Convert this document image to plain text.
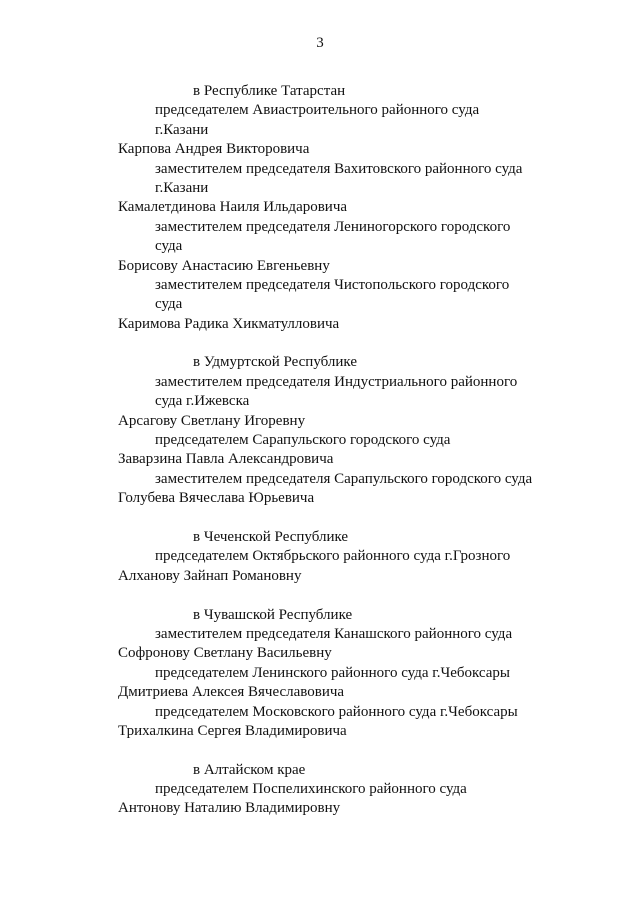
3
в Республике Татарстан
председателем Авиастроительного районного суда
г.Казани
Карпова Андрея Викторовича
заместителем председателя Вахитовского районного суда
г.Казани
Камалетдинова Наиля Ильдаровича
заместителем председателя Лениногорского городского
суда
Борисову Анастасию Евгеньевну
заместителем председателя Чистопольского городского
суда
Каримова Радика Хикматулловича
в Удмуртской Республике
заместителем председателя Индустриального районного
суда г.Ижевска
Арсагову Светлану Игоревну
председателем Сарапульского городского суда
Заварзина Павла Александровича
заместителем председателя Сарапульского городского суда
Голубева Вячеслава Юрьевича
в Чеченской Республике
председателем Октябрьского районного суда г.Грозного
Алханову Зайнап Романовну
в Чувашской Республике
заместителем председателя Канашского районного суда
Софронову Светлану Васильевну
председателем Ленинского районного суда г.Чебоксары
Дмитриева Алексея Вячеславовича
председателем Московского районного суда г.Чебоксары
Трихалкина Сергея Владимировича
в Алтайском крае
председателем Поспелихинского районного суда
Антонову Наталию Владимировну
